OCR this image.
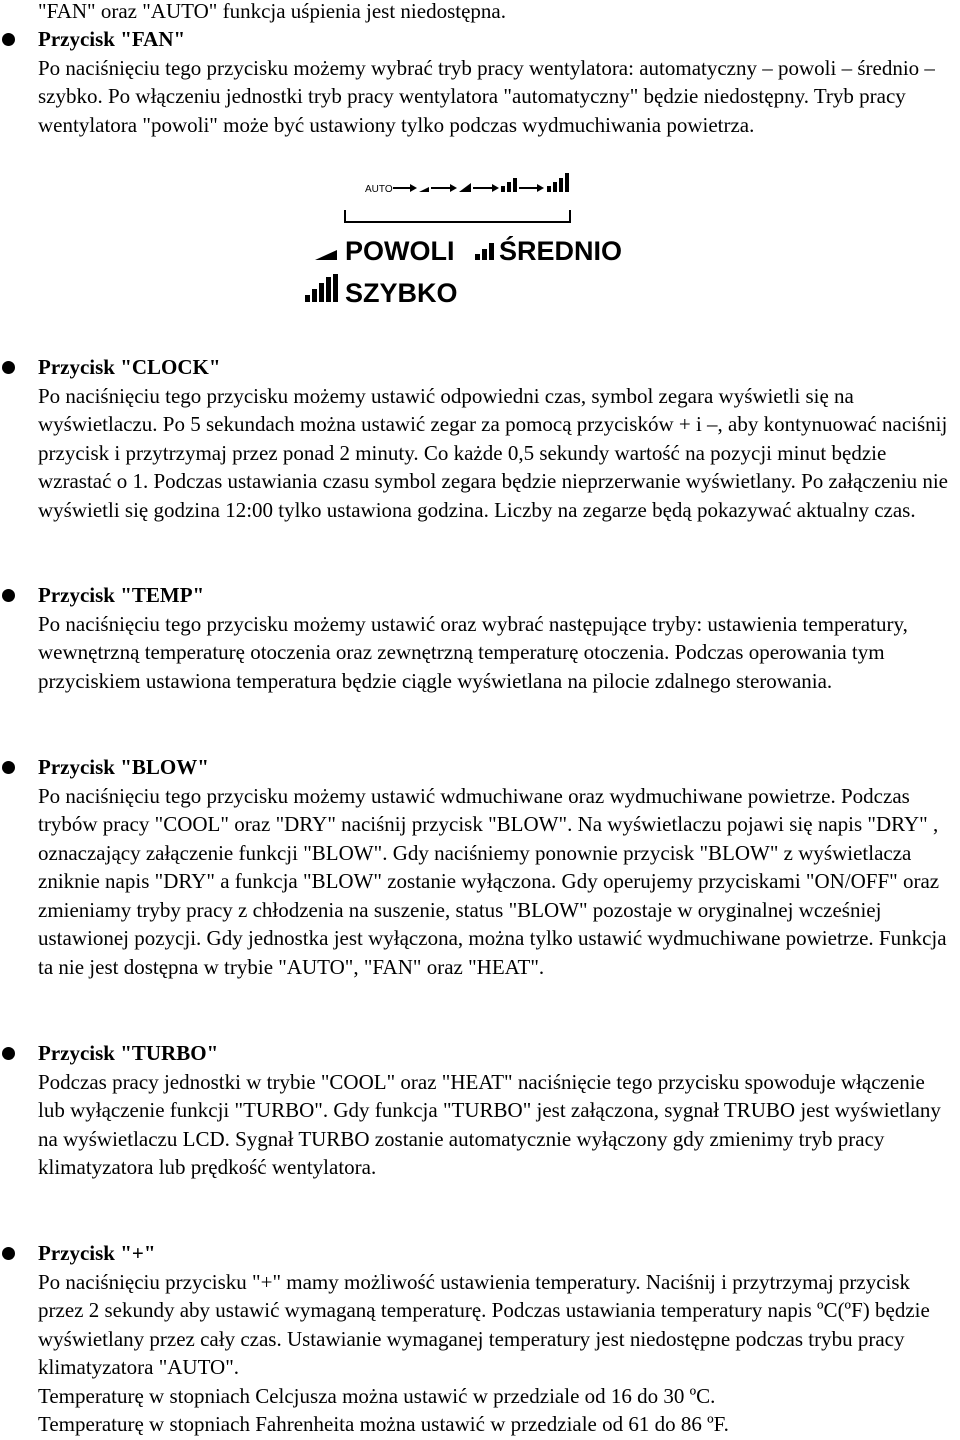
"FAN" oraz "AUTO" funkcja uśpienia jest niedostępna.
Przycisk "FAN"
Po naciśnięciu tego przycisku możemy wybrać tryb pracy wentylatora: automatyczny – powoli – średnio – szybko. Po włączeniu jednostki tryb pracy wentylatora "automatyczny" będzie niedostępny. Tryb pracy wentylatora "powoli" może być ustawiony tylko podczas wydmuchiwania powietrza.
AUTO
POWOLI ŚREDNIO
SZYBKO
Przycisk "CLOCK"
Po naciśnięciu tego przycisku możemy ustawić odpowiedni czas, symbol zegara wyświetli się na wyświetlaczu. Po 5 sekundach można ustawić zegar za pomocą przycisków + i –, aby kontynuować naciśnij przycisk i przytrzymaj przez ponad 2 minuty. Co każde 0,5 sekundy wartość na pozycji minut będzie wzrastać o 1. Podczas ustawiania czasu symbol zegara będzie nieprzerwanie wyświetlany. Po załączeniu nie wyświetli się godzina 12:00 tylko ustawiona godzina. Liczby na zegarze będą pokazywać aktualny czas.
Przycisk "TEMP"
Po naciśnięciu tego przycisku możemy ustawić oraz wybrać następujące tryby: ustawienia temperatury, wewnętrzną temperaturę otoczenia oraz zewnętrzną temperaturę otoczenia. Podczas operowania tym przyciskiem ustawiona temperatura będzie ciągle wyświetlana na pilocie zdalnego sterowania.
Przycisk "BLOW"
Po naciśnięciu tego przycisku możemy ustawić wdmuchiwane oraz wydmuchiwane powietrze. Podczas trybów pracy "COOL" oraz "DRY" naciśnij przycisk "BLOW". Na wyświetlaczu pojawi się napis "DRY" , oznaczający załączenie funkcji "BLOW". Gdy naciśniemy ponownie przycisk "BLOW" z wyświetlacza zniknie napis "DRY" a funkcja "BLOW" zostanie wyłączona. Gdy operujemy przyciskami "ON/OFF" oraz zmieniamy tryby pracy z chłodzenia na suszenie, status "BLOW" pozostaje w oryginalnej wcześniej ustawionej pozycji. Gdy jednostka jest wyłączona, można tylko ustawić wydmuchiwane powietrze. Funkcja ta nie jest dostępna w trybie "AUTO", "FAN" oraz "HEAT".
Przycisk "TURBO"
Podczas pracy jednostki w trybie "COOL" oraz "HEAT" naciśnięcie tego przycisku spowoduje włączenie lub wyłączenie funkcji "TURBO". Gdy funkcja "TURBO" jest załączona, sygnał TRUBO jest wyświetlany na wyświetlaczu LCD. Sygnał TURBO zostanie automatycznie wyłączony gdy zmienimy tryb pracy klimatyzatora lub prędkość wentylatora.
Przycisk "+"

Po naciśnięciu przycisku "+" mamy możliwość ustawienia temperatury. Naciśnij i przytrzymaj przycisk przez 2 sekundy aby ustawić wymaganą temperaturę. Podczas ustawiania temperatury napis ºC(ºF) będzie wyświetlany przez cały czas. Ustawianie wymaganej temperatury jest niedostępne podczas trybu pracy klimatyzatora "AUTO".

Temperaturę w stopniach Celcjusza można ustawić w przedziale od 16 do 30 ºC.

Temperaturę w stopniach Fahrenheita można ustawić w przedziale od 61 do 86 ºF.
